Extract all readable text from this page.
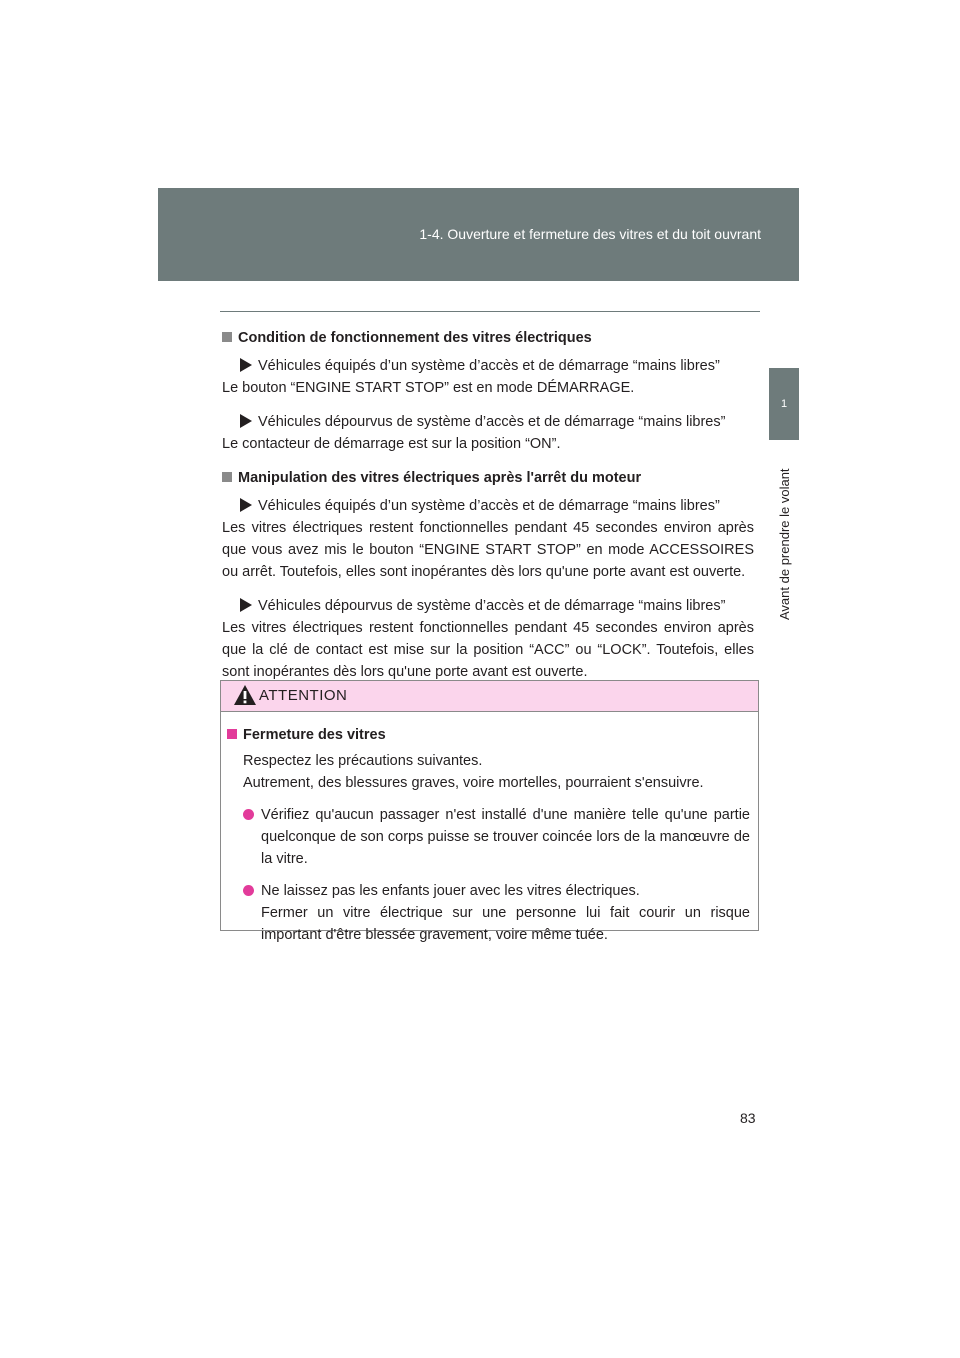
1-4. Ouverture et fermeture des vitres et du toit ouvrant
1
Avant de prendre le volant

Condition de fonctionnement des vitres électriques

Véhicules équipés d’un système d’accès et de démarrage “mains libres”

Le bouton “ENGINE START STOP” est en mode DÉMARRAGE.

Véhicules dépourvus de système d’accès et de démarrage “mains libres”

Le contacteur de démarrage est sur la position “ON”.

Manipulation des vitres électriques après l'arrêt du moteur

Véhicules équipés d’un système d’accès et de démarrage “mains libres”

Les vitres électriques restent fonctionnelles pendant 45 secondes environ après que vous avez mis le bouton “ENGINE START STOP” en mode ACCESSOIRES ou arrêt. Toutefois, elles sont inopérantes dès lors qu'une porte avant est ouverte.

Véhicules dépourvus de système d’accès et de démarrage “mains libres”

Les vitres électriques restent fonctionnelles pendant 45 secondes environ après que la clé de contact est mise sur la position “ACC” ou “LOCK”. Toutefois, elles sont inopérantes dès lors qu'une porte avant est ouverte.

ATTENTION

Fermeture des vitres

Respectez les précautions suivantes.
Autrement, des blessures graves, voire mortelles, pourraient s'ensuivre.

Vérifiez qu'aucun passager n'est installé d'une manière telle qu'une partie quelconque de son corps puisse se trouver coincée lors de la manœuvre de la vitre.

Ne laissez pas les enfants jouer avec les vitres électriques.
Fermer un vitre électrique sur une personne lui fait courir un risque important d'être blessée gravement, voire même tuée.

83
